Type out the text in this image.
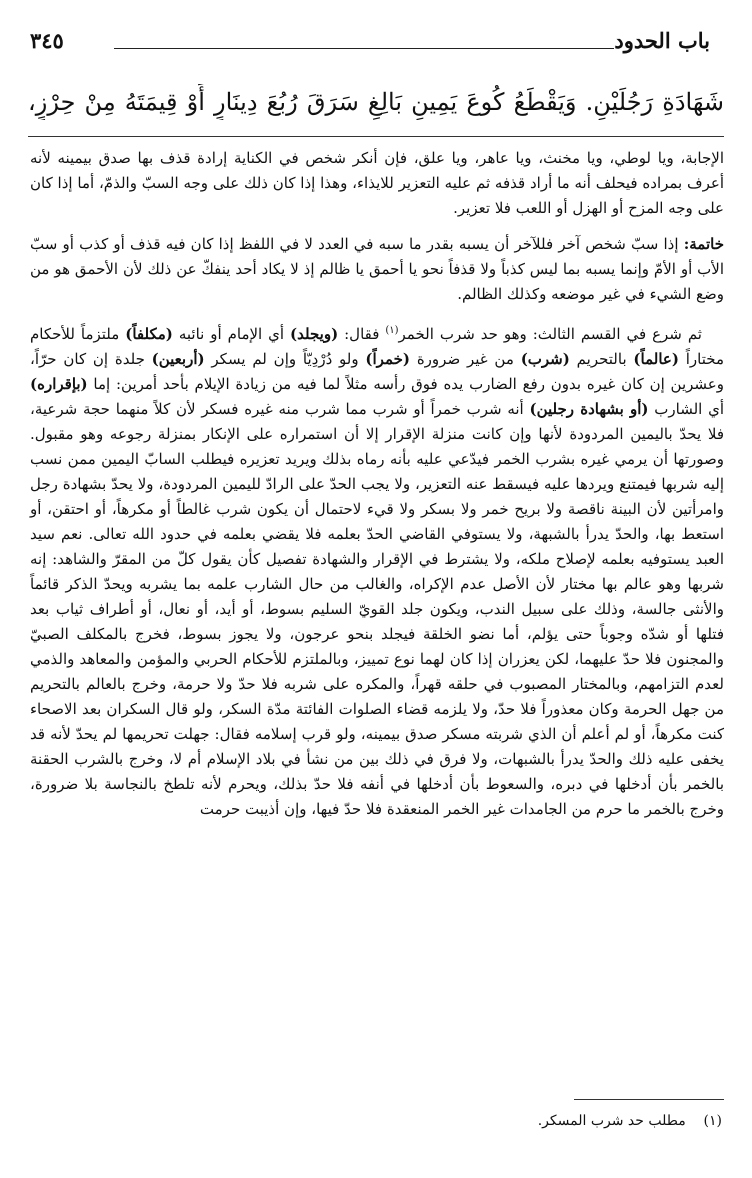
باب الحدود
٣٤٥
شَهَادَةِ رَجُلَيْنِ. وَيَقْطَعُ كُوعَ يَمِينِ بَالِغٍ سَرَقَ رُبُعَ دِينَارٍ أَوْ قِيمَتَهُ مِنْ حِرْزٍ،

الإجابة، ويا لوطي، ويا مخنث، ويا عاهر، ويا علق، فإن أنكر شخص في الكناية إرادة قذف بها صدق بيمينه لأنه أعرف بمراده فيحلف أنه ما أراد قذفه ثم عليه التعزير للايذاء، وهذا إذا كان ذلك على وجه السبّ والذمّ، أما إذا كان على وجه المزح أو الهزل أو اللعب فلا تعزير.

خاتمة: إذا سبّ شخص آخر فللآخر أن يسبه بقدر ما سبه في العدد لا في اللفظ إذا كان فيه قذف أو كذب أو سبّ الأب أو الأمّ وإنما يسبه بما ليس كذباً ولا قذفاً نحو يا أحمق يا ظالم إذ لا يكاد أحد ينفكّ عن ذلك لأن الأحمق هو من وضع الشيء في غير موضعه وكذلك الظالم.

ثم شرع في القسم الثالث: وهو حد شرب الخمر$^{(١)}$ فقال: (ويجلد) أي الإمام أو نائبه (مكلفاً) ملتزماً للأحكام مختاراً (عالماً) بالتحريم (شرب) من غير ضرورة (خمراً) ولو دُرْدِيّاً وإن لم يسكر (أربعين) جلدة إن كان حرّاً، وعشرين إن كان غيره بدون رفع الضارب يده فوق رأسه مثلاً لما فيه من زيادة الإيلام بأحد أمرين: إما (بإقراره) أي الشارب (أو بشهادة رجلين) أنه شرب خمراً أو شرب مما شرب منه غيره فسكر لأن كلاً منهما حجة شرعية، فلا يحدّ باليمين المردودة لأنها وإن كانت منزلة الإقرار إلا أن استمراره على الإنكار بمنزلة رجوعه وهو مقبول. وصورتها أن يرمي غيره بشرب الخمر فيدّعي عليه بأنه رماه بذلك ويريد تعزيره فيطلب السابّ اليمين ممن نسب إليه شربها فيمتنع ويردها عليه فيسقط عنه التعزير، ولا يجب الحدّ على الرادّ لليمين المردودة، ولا يحدّ بشهادة رجل وامرأتين لأن البينة ناقصة ولا بريح خمر ولا بسكر ولا قيء لاحتمال أن يكون شرب غالطاً أو مكرهاً، أو احتقن، أو استعط بها، والحدّ يدرأ بالشبهة، ولا يستوفي القاضي الحدّ بعلمه فلا يقضي بعلمه في حدود الله تعالى. نعم سيد العبد يستوفيه بعلمه لإصلاح ملكه، ولا يشترط في الإقرار والشهادة تفصيل كأن يقول كلّ من المقرّ والشاهد: إنه شربها وهو عالم بها مختار لأن الأصل عدم الإكراه، والغالب من حال الشارب علمه بما يشربه ويحدّ الذكر قائماً والأنثى جالسة، وذلك على سبيل الندب، ويكون جلد القويّ السليم بسوط، أو أيد، أو نعال، أو أطراف ثياب بعد فتلها أو شدّه وجوباً حتى يؤلم، أما نضو الخلقة فيجلد بنحو عرجون، ولا يجوز بسوط، فخرج بالمكلف الصبيّ والمجنون فلا حدّ عليهما، لكن يعزران إذا كان لهما نوع تمييز، وبالملتزم للأحكام الحربي والمؤمن والمعاهد والذمي لعدم التزامهم، وبالمختار المصبوب في حلقه قهراً، والمكره على شربه فلا حدّ ولا حرمة، وخرج بالعالم بالتحريم من جهل الحرمة وكان معذوراً فلا حدّ، ولا يلزمه قضاء الصلوات الفائتة مدّة السكر، ولو قال السكران بعد الاصحاء كنت مكرهاً، أو لم أعلم أن الذي شربته مسكر صدق بيمينه، ولو قرب إسلامه فقال: جهلت تحريمها لم يحدّ لأنه قد يخفى عليه ذلك والحدّ يدرأ بالشبهات، ولا فرق في ذلك بين من نشأ في بلاد الإسلام أم لا، وخرج بالشرب الحقنة بالخمر بأن أدخلها في دبره، والسعوط بأن أدخلها في أنفه فلا حدّ بذلك، ويحرم لأنه تلطخ بالنجاسة بلا ضرورة، وخرج بالخمر ما حرم من الجامدات غير الخمر المنعقدة فلا حدّ فيها، وإن أذيبت حرمت

(١)    مطلب حد شرب المسكر.
